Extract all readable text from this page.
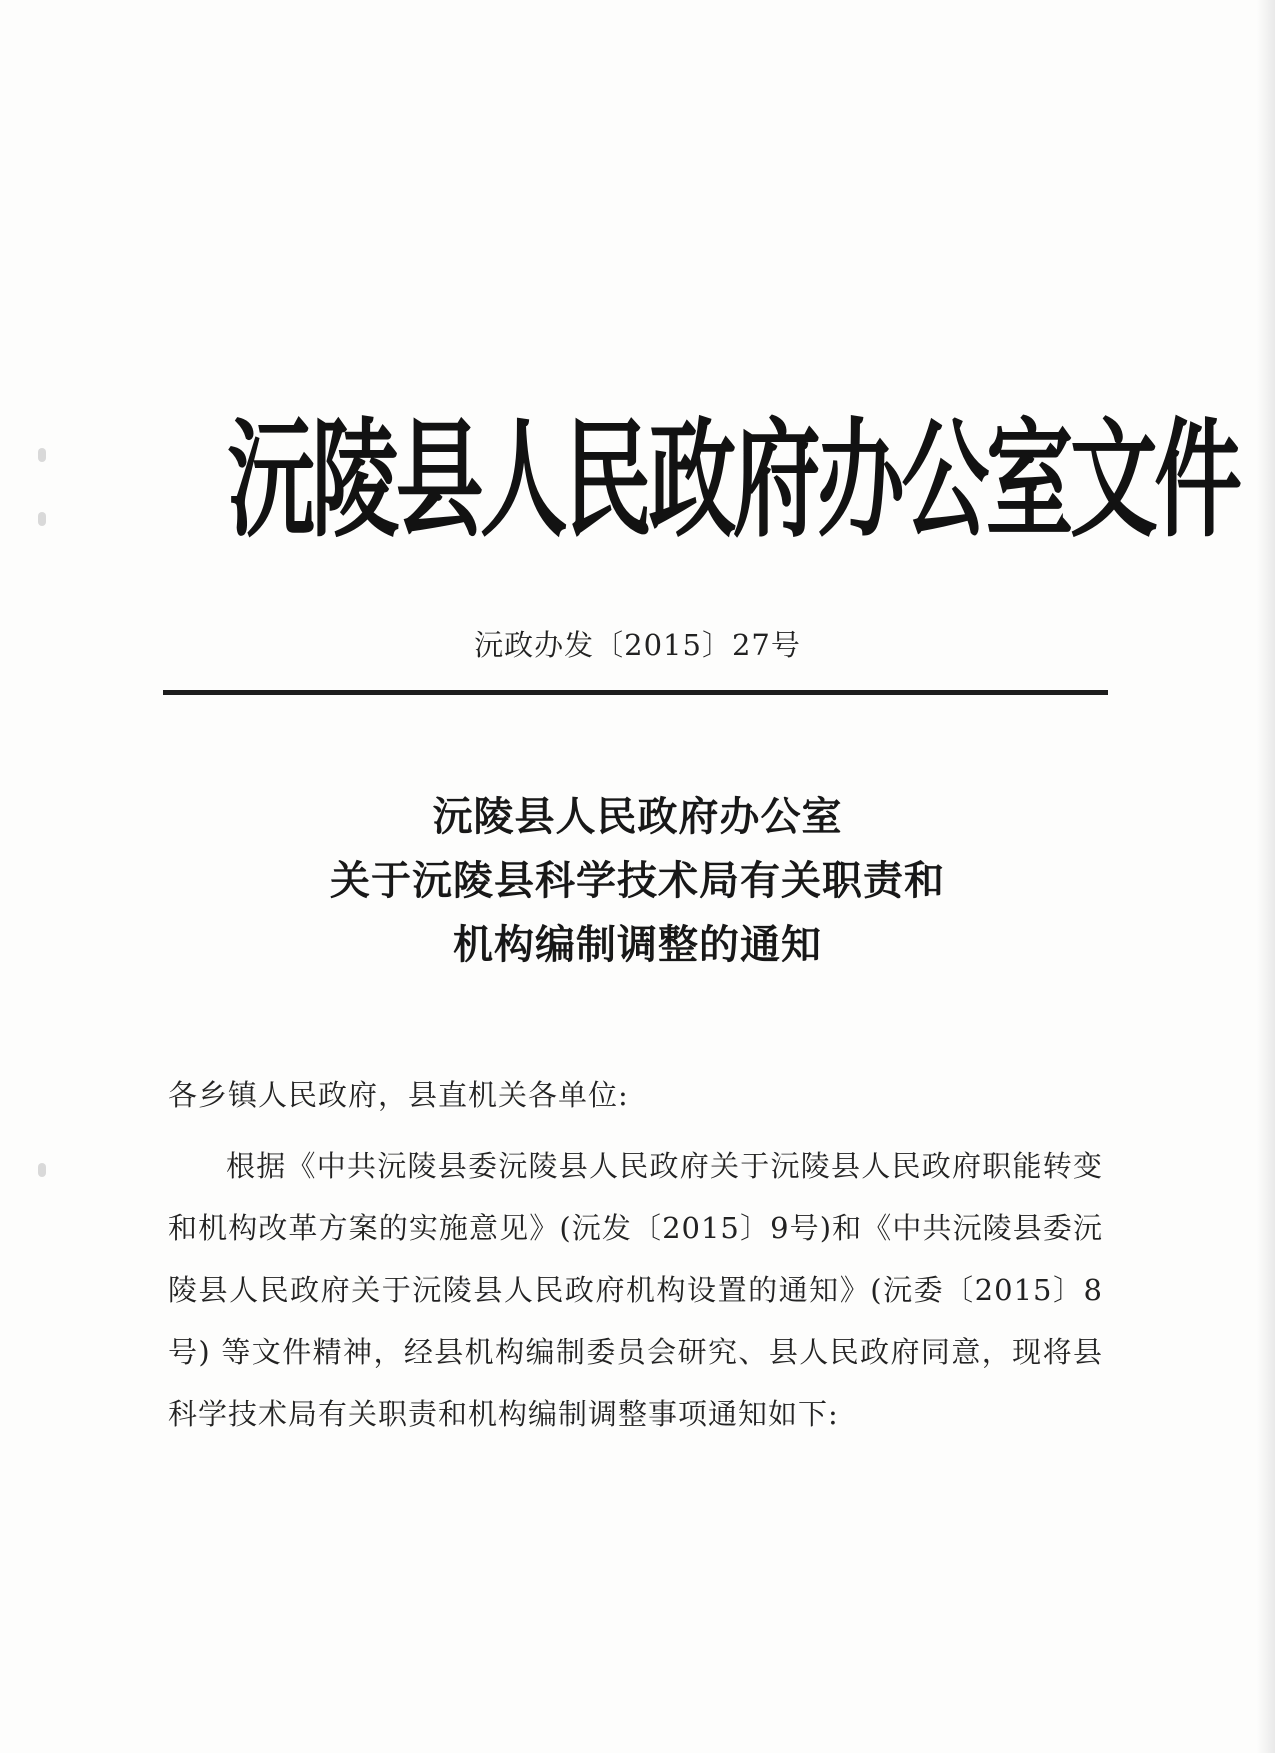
沅陵县人民政府办公室文件
沅政办发〔2015〕27号
沅陵县人民政府办公室
关于沅陵县科学技术局有关职责和
机构编制调整的通知
各乡镇人民政府，县直机关各单位:
根据《中共沅陵县委沅陵县人民政府关于沅陵县人民政府职能转变和机构改革方案的实施意见》(沅发〔2015〕9号)和《中共沅陵县委沅陵县人民政府关于沅陵县人民政府机构设置的通知》(沅委〔2015〕8号) 等文件精神，经县机构编制委员会研究、县人民政府同意，现将县科学技术局有关职责和机构编制调整事项通知如下:
